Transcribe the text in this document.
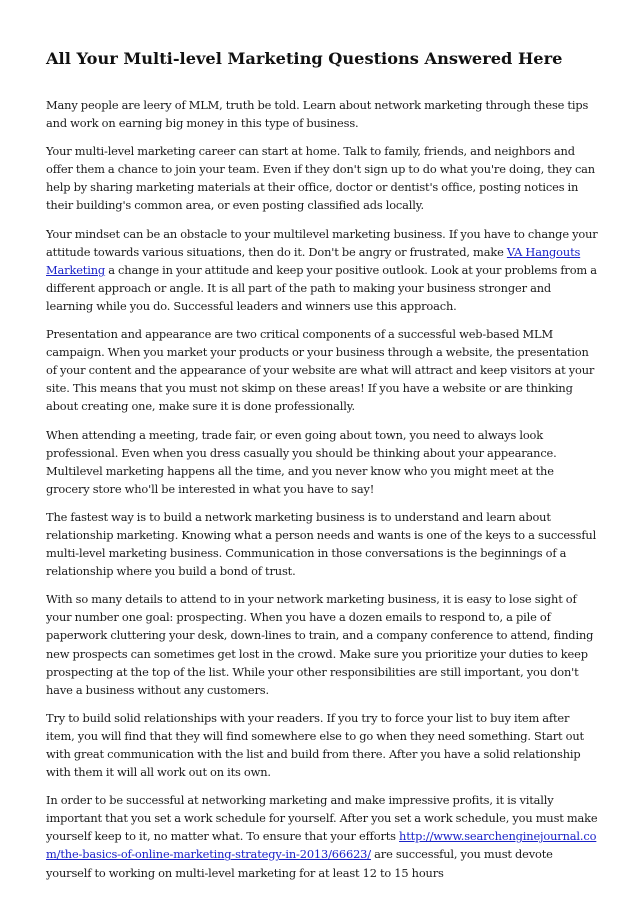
All Your Multi-level Marketing Questions Answered Here

Many people are leery of MLM, truth be told. Learn about network marketing through these tips and work on earning big money in this type of business.

Your multi-level marketing career can start at home. Talk to family, friends, and neighbors and offer them a chance to join your team. Even if they don't sign up to do what you're doing, they can help by sharing marketing materials at their office, doctor or dentist's office, posting notices in their building's common area, or even posting classified ads locally.

Your mindset can be an obstacle to your multilevel marketing business. If you have to change your attitude towards various situations, then do it. Don't be angry or frustrated, make VA Hangouts Marketing a change in your attitude and keep your positive outlook. Look at your problems from a different approach or angle. It is all part of the path to making your business stronger and learning while you do. Successful leaders and winners use this approach.

Presentation and appearance are two critical components of a successful web-based MLM campaign. When you market your products or your business through a website, the presentation of your content and the appearance of your website are what will attract and keep visitors at your site. This means that you must not skimp on these areas! If you have a website or are thinking about creating one, make sure it is done professionally.

When attending a meeting, trade fair, or even going about town, you need to always look professional. Even when you dress casually you should be thinking about your appearance. Multilevel marketing happens all the time, and you never know who you might meet at the grocery store who'll be interested in what you have to say!

The fastest way is to build a network marketing business is to understand and learn about relationship marketing. Knowing what a person needs and wants is one of the keys to a successful multi-level marketing business. Communication in those conversations is the beginnings of a relationship where you build a bond of trust.

With so many details to attend to in your network marketing business, it is easy to lose sight of your number one goal: prospecting. When you have a dozen emails to respond to, a pile of paperwork cluttering your desk, down-lines to train, and a company conference to attend, finding new prospects can sometimes get lost in the crowd. Make sure you prioritize your duties to keep prospecting at the top of the list. While your other responsibilities are still important, you don't have a business without any customers.

Try to build solid relationships with your readers. If you try to force your list to buy item after item, you will find that they will find somewhere else to go when they need something. Start out with great communication with the list and build from there. After you have a solid relationship with them it will all work out on its own.

In order to be successful at networking marketing and make impressive profits, it is vitally important that you set a work schedule for yourself. After you set a work schedule, you must make yourself keep to it, no matter what. To ensure that your efforts http://www.searchenginejournal.com/the-basics-of-online-marketing-strategy-in-2013/66623/ are successful, you must devote yourself to working on multi-level marketing for at least 12 to 15 hours
